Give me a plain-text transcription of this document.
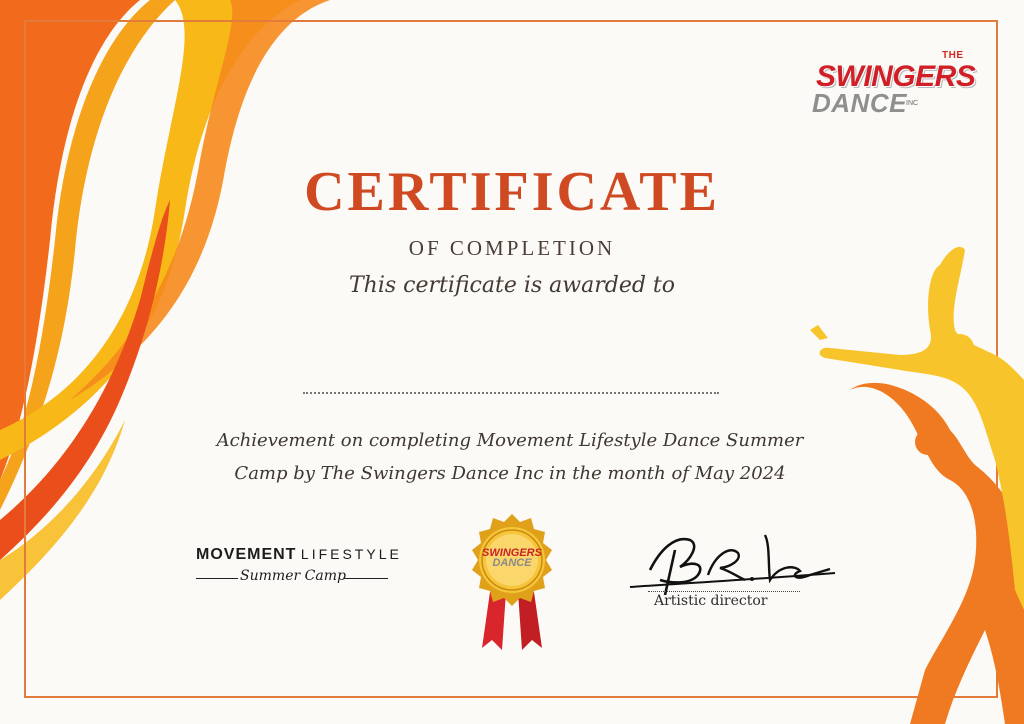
THE
SWINGERS
DANCE INC
CERTIFICATE
OF COMPLETION
This certificate is awarded to
Achievement on completing Movement Lifestyle Dance Summer
Camp by The Swingers Dance Inc in the month of May 2024
MOVEMENT LIFESTYLE
Summer Camp
SWINGERS
DANCE
Artistic director
